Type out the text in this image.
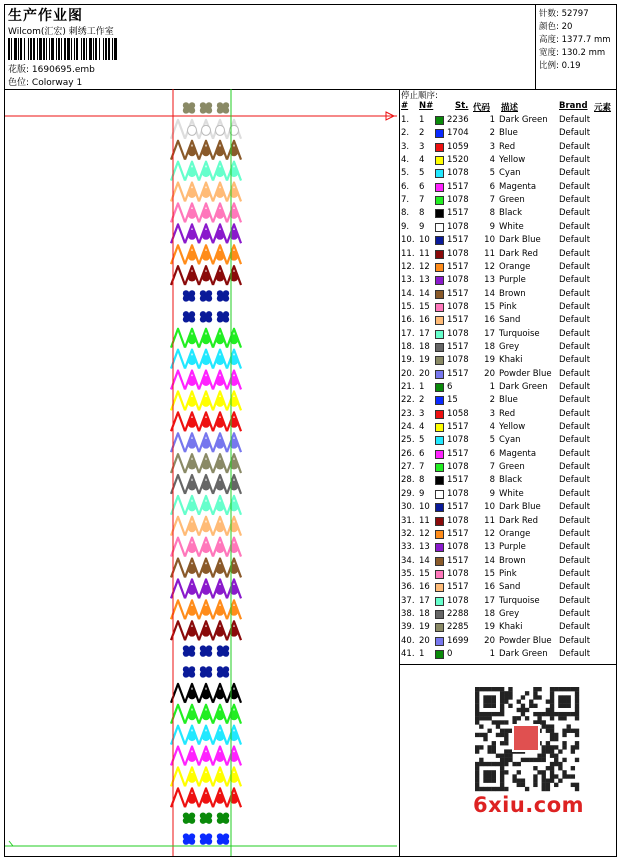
生产作业图
Wilcom(汇宏) 刺绣工作室
花版: 1690695.emb
色位: Colorway 1
针数: 52797
颜色: 20
高度: 1377.7 mm
宽度: 130.2 mm
比例: 0.19
停止顺序:
# N#	St. 代码 描述	Brand 元素
1. 1	2236 1 Dark Green Default
2. 2	1704 2 Blue	Default
3. 3	1059 3 Red	Default
4. 4	1520 4 Yellow	Default
5. 5	1078 5 Cyan	Default
6. 6	1517 6 Magenta	Default
7. 7	1078 7 Green	Default
8. 8	1517 8 Black	Default
9. 9	1078 9 White	Default
10. 10 1517 10 Dark Blue Default
11. 11 1078 11 Dark Red Default
12. 12 1517 12 Orange	Default
13. 13 1078 13 Purple	Default
14. 14 1517 14 Brown	Default
15. 15 1078 15 Pink	Default
16. 16 1517 16 Sand	Default
17. 17 1078 17 Turquoise Default
18. 18 1517 18 Grey	Default
19. 19 1078 19 Khaki	Default
20. 20 1517 20 Powder Blue Default
21. 1	6	1 Dark Green Default
22. 2	15	2 Blue	Default
23. 3	1058 3 Red	Default
24. 4	1517 4 Yellow	Default
25. 5	1078 5 Cyan	Default
26. 6	1517 6 Magenta	Default
27. 7	1078 7 Green	Default
28. 8	1517 8 Black	Default
29. 9	1078 9 White	Default
30. 10 1517 10 Dark Blue Default
31. 11 1078 11 Dark Red Default
32. 12 1517 12 Orange	Default
33. 13 1078 13 Purple	Default
34. 14 1517 14 Brown	Default
35. 15 1078 15 Pink	Default
36. 16 1517 16 Sand	Default
37. 17 1078 17 Turquoise Default
38. 18 2288 18 Grey	Default
39. 19 2285 19 Khaki	Default
40. 20 1699 20 Powder Blue Default
41. 1	0	1 Dark Green Default
6xiu.com
